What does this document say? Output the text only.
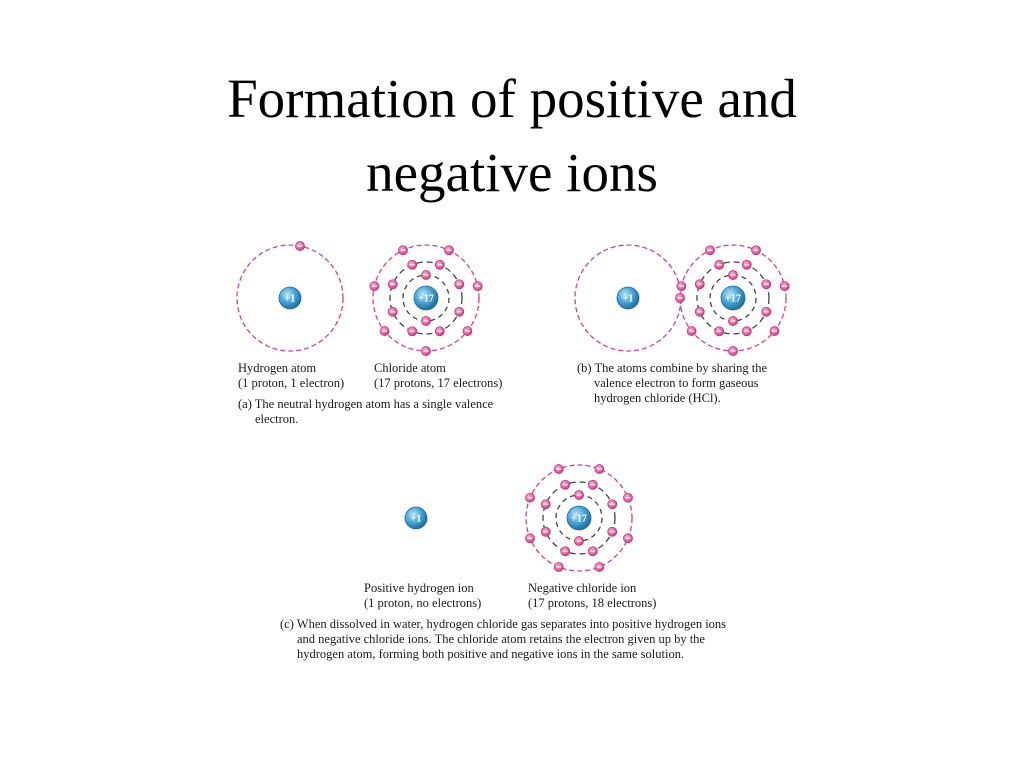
Formation of positive and
negative ions
+1	+17	+1	+17
+1	+17
Hydrogen atom
(1 proton, 1 electron)
Chloride atom
(17 protons, 17 electrons)
(a) The neutral hydrogen atom has a single valence
electron.
(b) The atoms combine by sharing the
valence electron to form gaseous
hydrogen chloride (HCl).
Positive hydrogen ion
(1 proton, no electrons)
Negative chloride ion
(17 protons, 18 electrons)
(c) When dissolved in water, hydrogen chloride gas separates into positive hydrogen ions
and negative chloride ions. The chloride atom retains the electron given up by the
hydrogen atom, forming both positive and negative ions in the same solution.
